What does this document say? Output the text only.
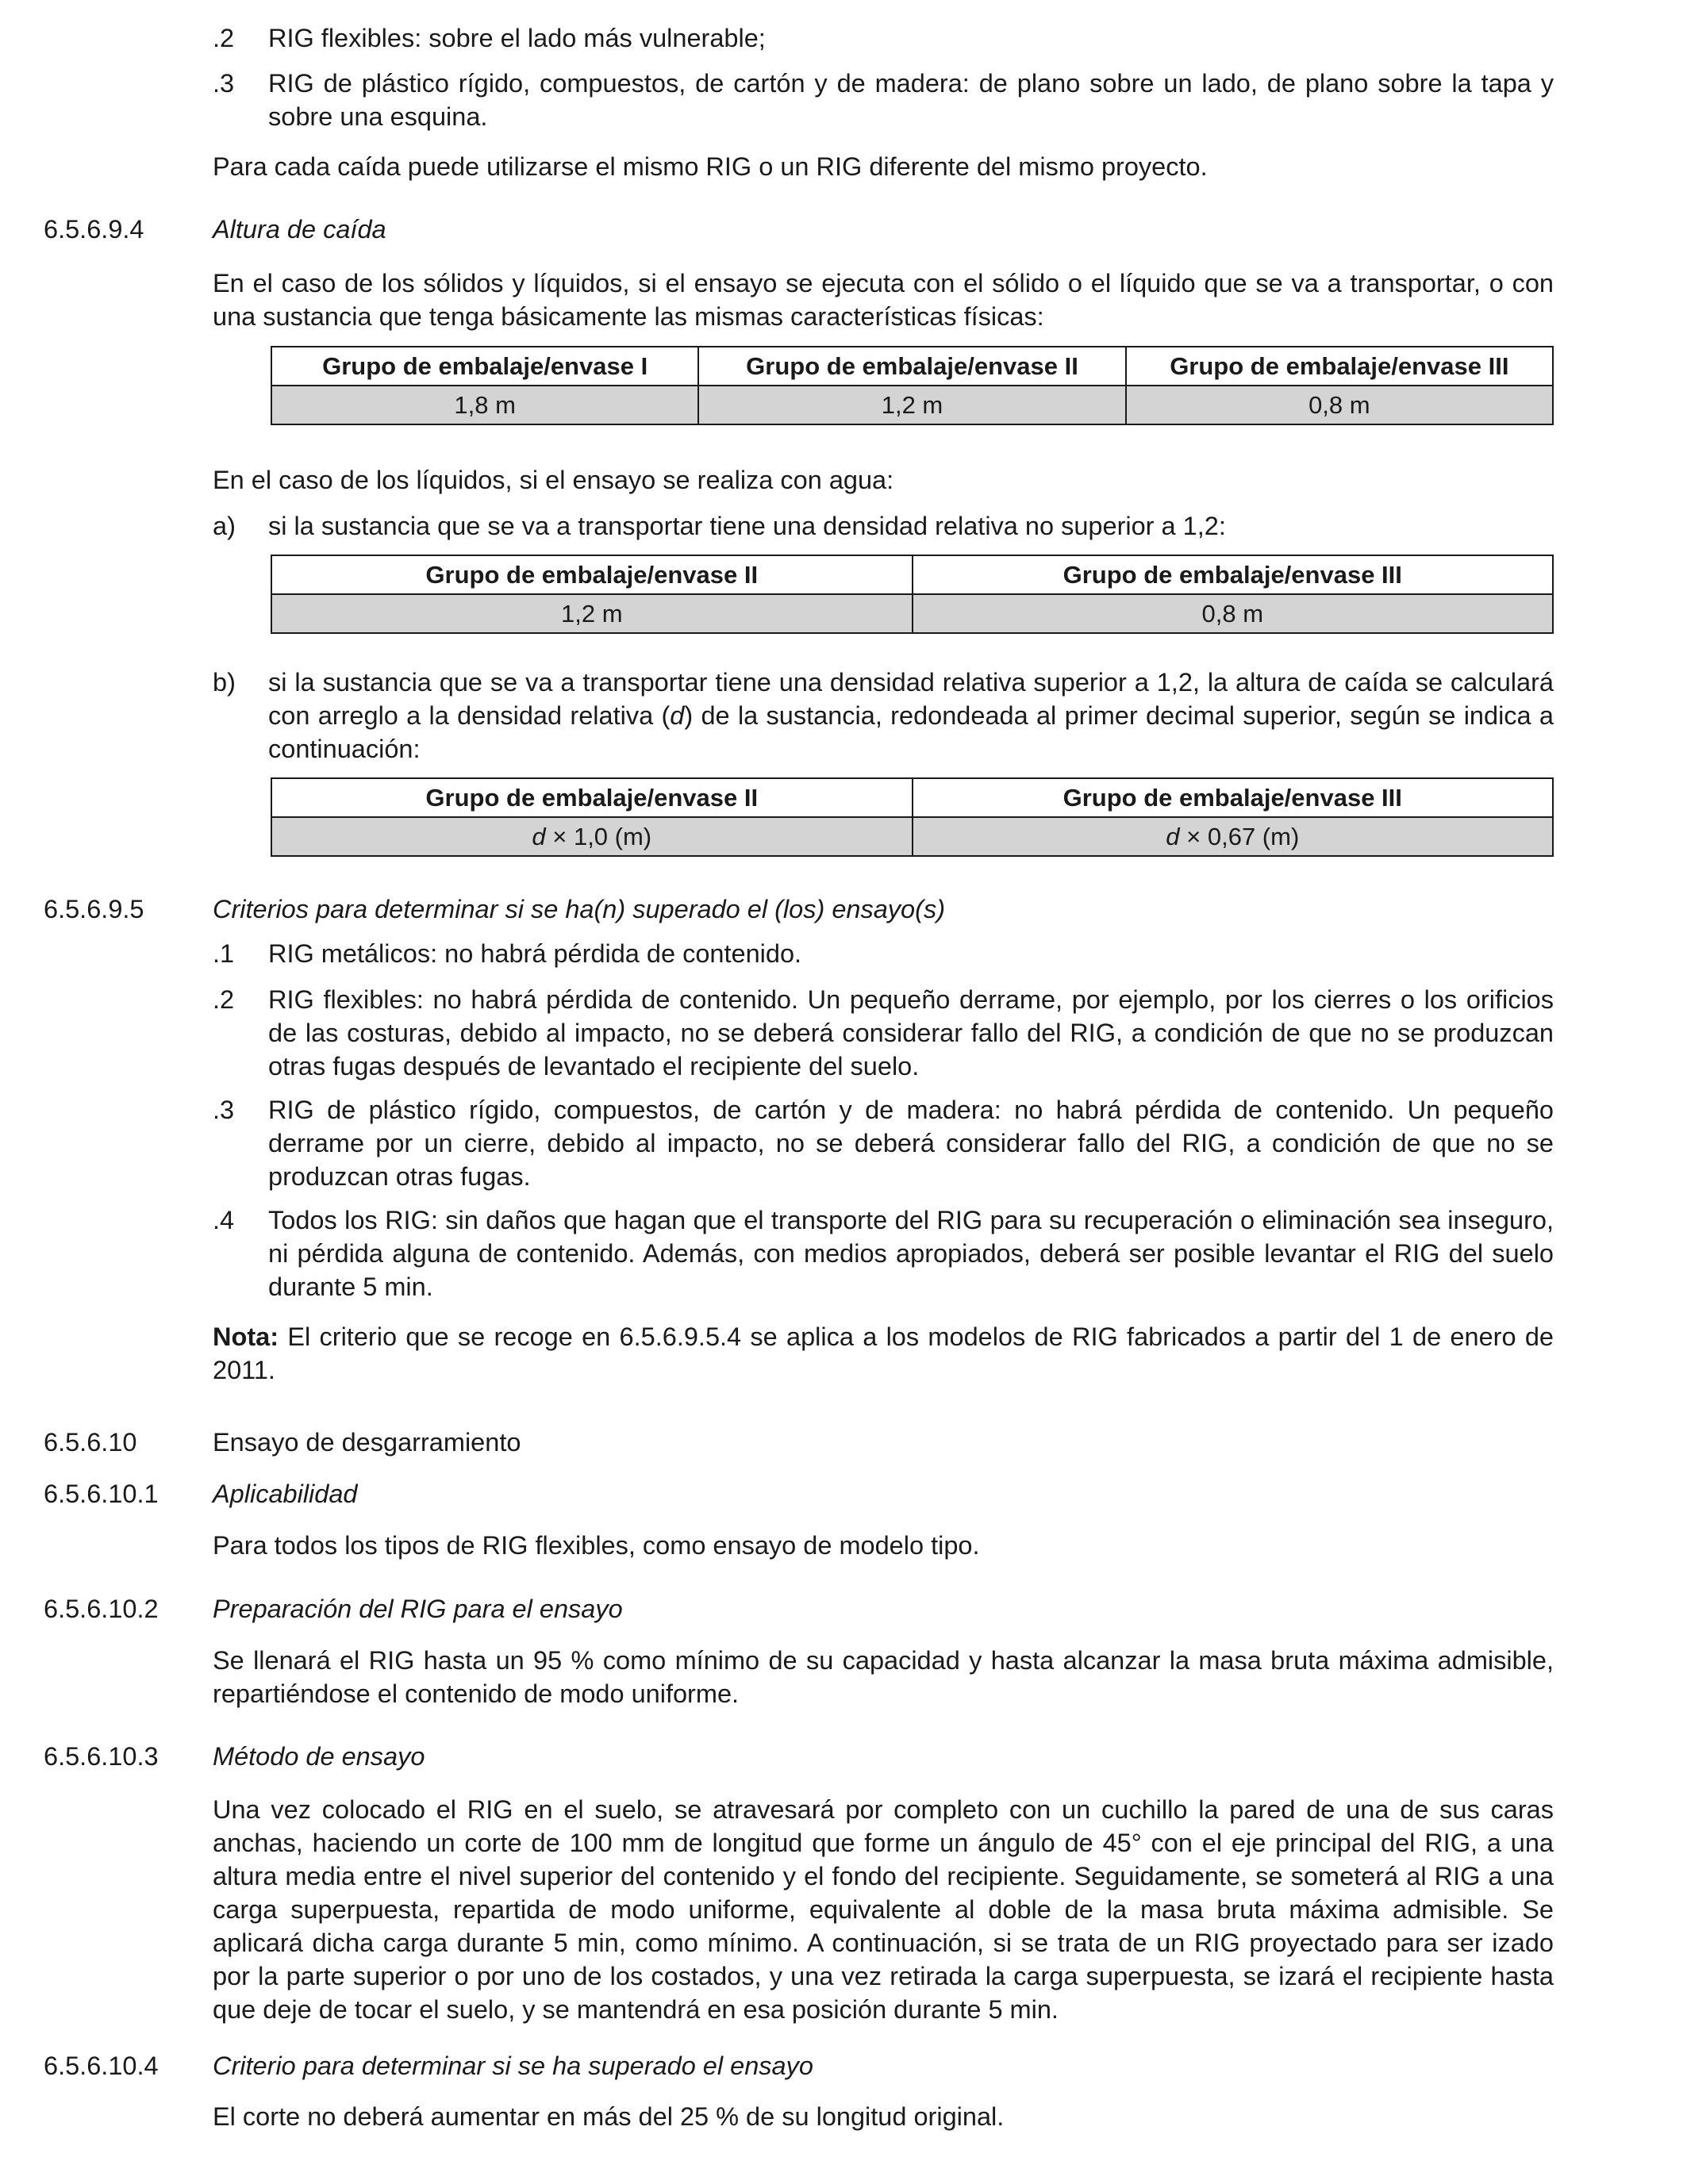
.2 RIG flexibles: sobre el lado más vulnerable;
.3 RIG de plástico rígido, compuestos, de cartón y de madera: de plano sobre un lado, de plano sobre la tapa y sobre una esquina.
Para cada caída puede utilizarse el mismo RIG o un RIG diferente del mismo proyecto.
6.5.6.9.4	Altura de caída
En el caso de los sólidos y líquidos, si el ensayo se ejecuta con el sólido o el líquido que se va a transportar, o con una sustancia que tenga básicamente las mismas características físicas:
Grupo de embalaje/envase I	Grupo de embalaje/envase II	Grupo de embalaje/envase III
1,8 m	1,2 m	0,8 m
En el caso de los líquidos, si el ensayo se realiza con agua:
a) si la sustancia que se va a transportar tiene una densidad relativa no superior a 1,2:
Grupo de embalaje/envase II	Grupo de embalaje/envase III
1,2 m	0,8 m
b) si la sustancia que se va a transportar tiene una densidad relativa superior a 1,2, la altura de caída se calculará con arreglo a la densidad relativa (d) de la sustancia, redondeada al primer decimal superior, según se indica a continuación:
Grupo de embalaje/envase II	Grupo de embalaje/envase III
d × 1,0 (m)	d × 0,67 (m)
6.5.6.9.5	Criterios para determinar si se ha(n) superado el (los) ensayo(s)
.1 RIG metálicos: no habrá pérdida de contenido.
.2 RIG flexibles: no habrá pérdida de contenido. Un pequeño derrame, por ejemplo, por los cierres o los orificios de las costuras, debido al impacto, no se deberá considerar fallo del RIG, a condición de que no se produzcan otras fugas después de levantado el recipiente del suelo.
.3 RIG de plástico rígido, compuestos, de cartón y de madera: no habrá pérdida de contenido. Un pequeño derrame por un cierre, debido al impacto, no se deberá considerar fallo del RIG, a condición de que no se produzcan otras fugas.
.4 Todos los RIG: sin daños que hagan que el transporte del RIG para su recuperación o eliminación sea inseguro, ni pérdida alguna de contenido. Además, con medios apropiados, deberá ser posible levantar el RIG del suelo durante 5 min.
Nota: El criterio que se recoge en 6.5.6.9.5.4 se aplica a los modelos de RIG fabricados a partir del 1 de enero de 2011.
6.5.6.10	Ensayo de desgarramiento
6.5.6.10.1 Aplicabilidad
Para todos los tipos de RIG flexibles, como ensayo de modelo tipo.
6.5.6.10.2 Preparación del RIG para el ensayo
Se llenará el RIG hasta un 95 % como mínimo de su capacidad y hasta alcanzar la masa bruta máxima admisible, repartiéndose el contenido de modo uniforme.
6.5.6.10.3 Método de ensayo
Una vez colocado el RIG en el suelo, se atravesará por completo con un cuchillo la pared de una de sus caras anchas, haciendo un corte de 100 mm de longitud que forme un ángulo de 45° con el eje principal del RIG, a una altura media entre el nivel superior del contenido y el fondo del recipiente. Seguidamente, se someterá al RIG a una carga superpuesta, repartida de modo uniforme, equivalente al doble de la masa bruta máxima admisible. Se aplicará dicha carga durante 5 min, como mínimo. A continuación, si se trata de un RIG proyectado para ser izado por la parte superior o por uno de los costados, y una vez retirada la carga superpuesta, se izará el recipiente hasta que deje de tocar el suelo, y se mantendrá en esa posición durante 5 min.
6.5.6.10.4 Criterio para determinar si se ha superado el ensayo
El corte no deberá aumentar en más del 25 % de su longitud original.
